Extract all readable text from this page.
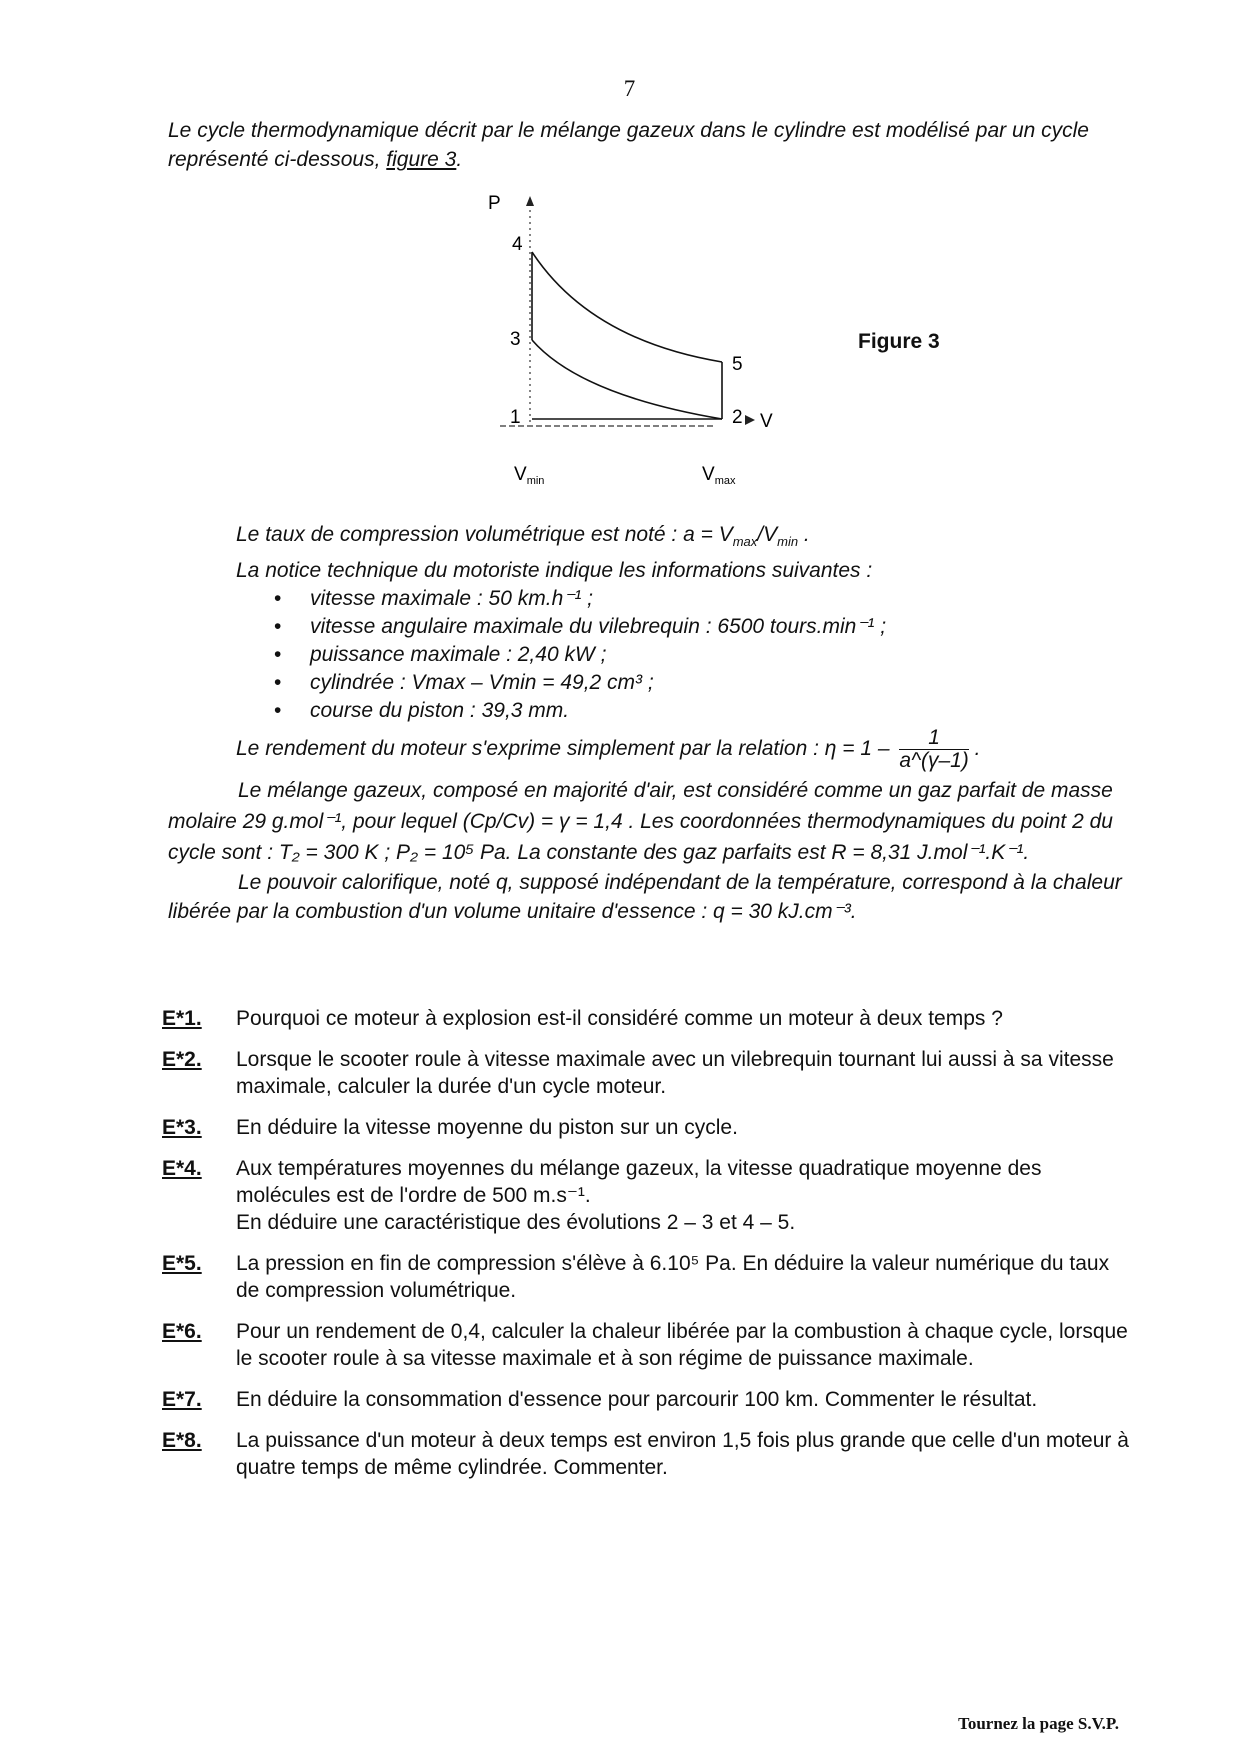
7
Le cycle thermodynamique décrit par le mélange gazeux dans le cylindre est modélisé par un cycle représenté ci-dessous, figure 3.
P
V
4
3
5
1	2
$V_{min}$	$V_{max}$
Figure 3

Le taux de compression volumétrique est noté : $a = V_{max}/V_{min}$ .

La notice technique du motoriste indique les informations suivantes :

• vitesse maximale : 50 km.h⁻¹ ;
• vitesse angulaire maximale du vilebrequin : 6500 tours.min⁻¹ ;
• puissance maximale : 2,40 kW ;
• cylindrée : Vmax – Vmin = 49,2 cm³ ;
• course du piston : 39,3 mm.
Le rendement du moteur s'exprime simplement par la relation : $\eta = 1 - \frac{1}{a\^{}(\gamma-1)}$ .

Le mélange gazeux, composé en majorité d'air, est considéré comme un gaz parfait de masse molaire 29 g.mol⁻¹, pour lequel (Cp/Cv) = γ = 1,4 . Les coordonnées thermodynamiques du point 2 du cycle sont : T₂ = 300 K ; P₂ = 10⁵ Pa. La constante des gaz parfaits est R = 8,31 J.mol⁻¹.K⁻¹.

Le pouvoir calorifique, noté q, supposé indépendant de la température, correspond à la chaleur libérée par la combustion d'un volume unitaire d'essence : q = 30 kJ.cm⁻³.

E*1.	Pourquoi ce moteur à explosion est-il considéré comme un moteur à deux temps ?
E*2.	Lorsque le scooter roule à vitesse maximale avec un vilebrequin tournant lui aussi à sa vitesse maximale, calculer la durée d'un cycle moteur.
E*3.	En déduire la vitesse moyenne du piston sur un cycle.
E*4.	Aux températures moyennes du mélange gazeux, la vitesse quadratique moyenne des molécules est de l'ordre de 500 m.s⁻¹.
En déduire une caractéristique des évolutions 2 – 3 et 4 – 5.
E*5.	La pression en fin de compression s'élève à 6.10⁵ Pa. En déduire la valeur numérique du taux de compression volumétrique.
E*6.	Pour un rendement de 0,4, calculer la chaleur libérée par la combustion à chaque cycle, lorsque le scooter roule à sa vitesse maximale et à son régime de puissance maximale.
E*7.	En déduire la consommation d'essence pour parcourir 100 km. Commenter le résultat.
E*8.	La puissance d'un moteur à deux temps est environ 1,5 fois plus grande que celle d'un moteur à quatre temps de même cylindrée. Commenter.
Tournez la page S.V.P.
